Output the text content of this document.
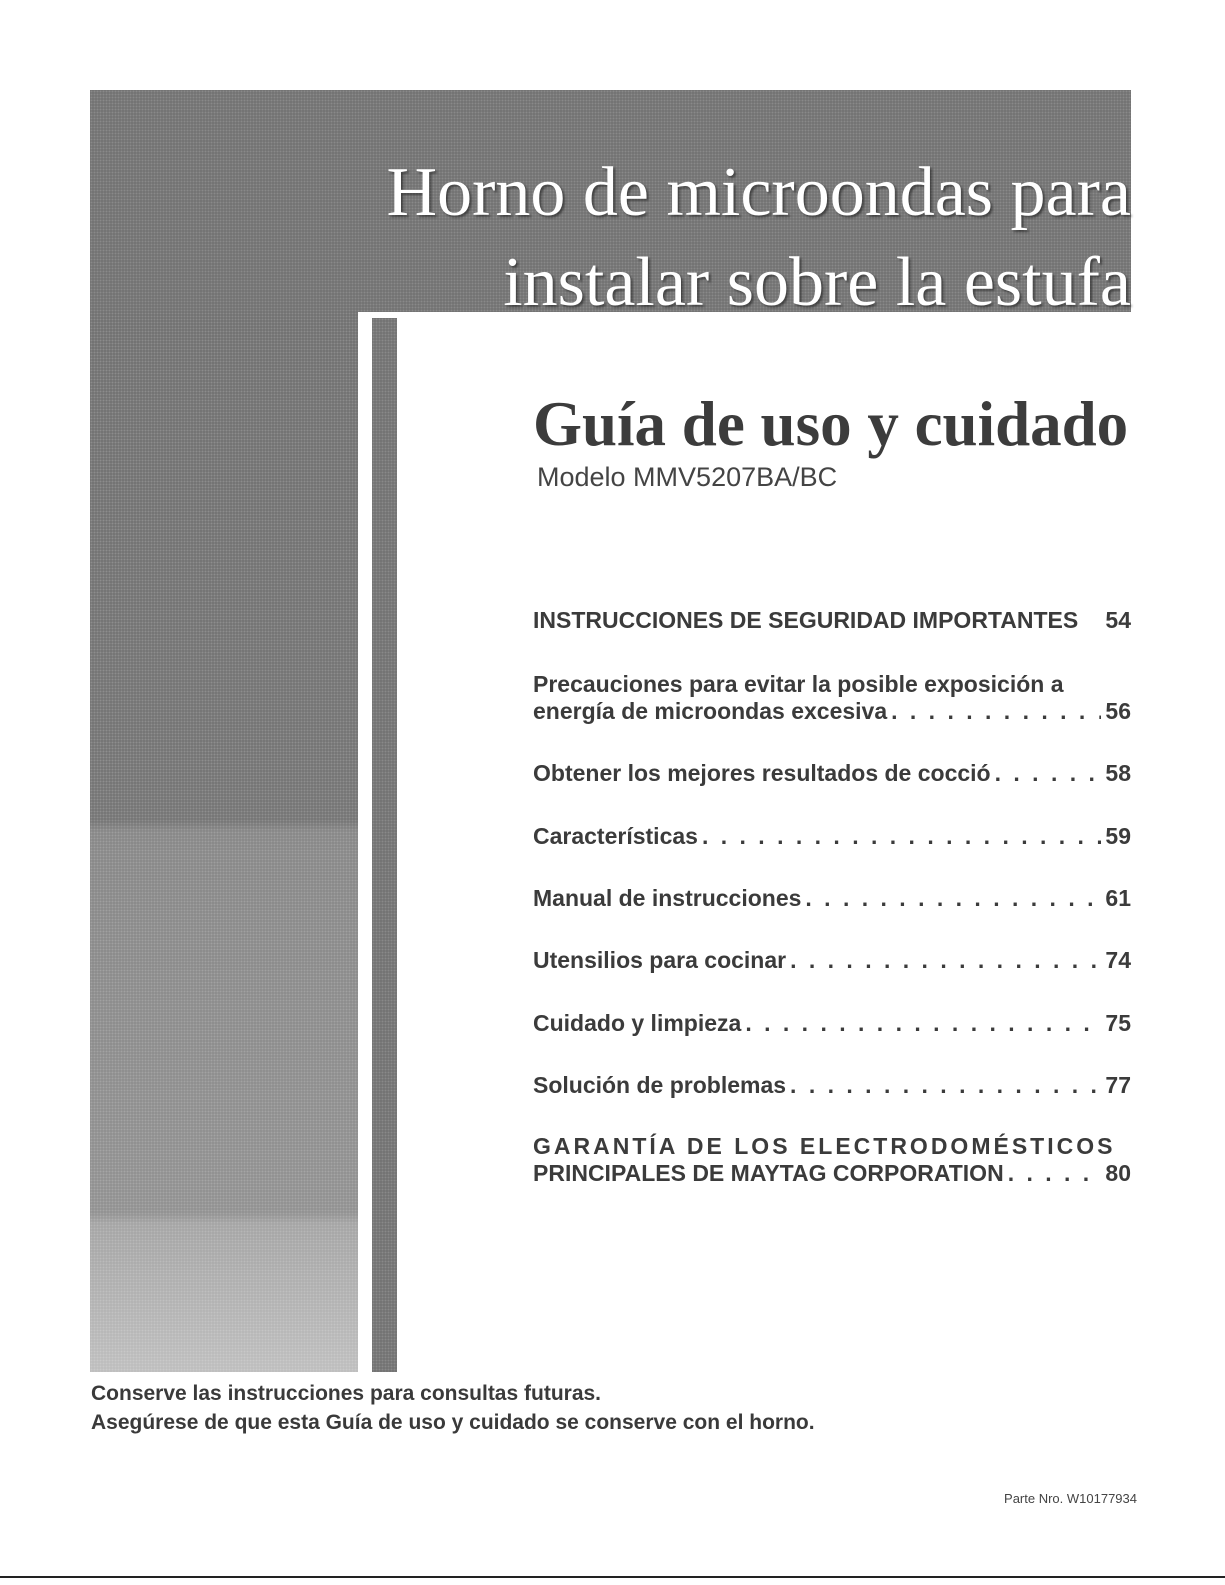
Horno de microondas para
instalar sobre la estufa
Guía de uso y cuidado
Modelo MMV5207BA/BC
INSTRUCCIONES DE SEGURIDAD IMPORTANTES 54
Precauciones para evitar la posible exposición a
energía de microondas excesiva . . .	56
Obtener los mejores resultados de cocció . . .	58
Características . . .	59
Manual de instrucciones . . .	61
Utensilios para cocinar . . .	74
Cuidado y limpieza . . .	75
Solución de problemas . . .	77
GARANTÍA DE LOS ELECTRODOMÉSTICOS
PRINCIPALES DE MAYTAG CORPORATION . . .	80
Conserve las instrucciones para consultas futuras.
Asegúrese de que esta Guía de uso y cuidado se conserve con el horno.
Parte Nro. W10177934
